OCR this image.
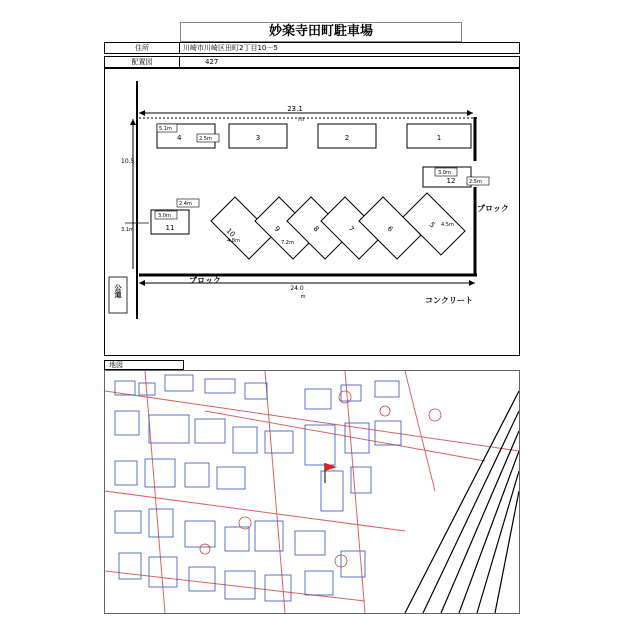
妙楽寺田町駐車場
住所	川崎市川崎区田町2丁目10－5
配置図	427
23.1
m
10.5
4
5.1m
2.5m	3	2	1
12
3.0m
2.5m
ブロック
11
3.0m
2.4m
3.1m	10
4.8m
9
7.2m
8	7	6	5 4.5m
ブロック
24.0
m	コンクリート
公道
地図
